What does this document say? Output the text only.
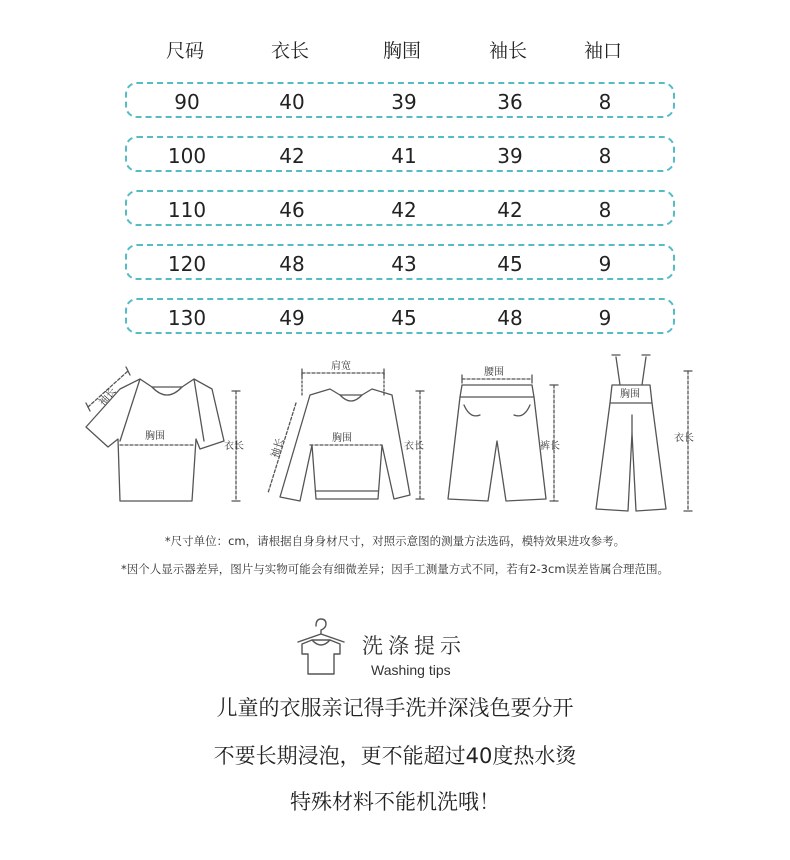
尺码	衣长	胸围	袖长	袖口
90	40	39	36	8
100	42	41	39	8
110	46	42	42	8
120	48	43	45	9
130	49	45	48	9
袖长
胸围
衣长
肩宽
袖长	胸围
衣长
腰围
裤长
胸围
衣长
*尺寸单位：cm，请根据自身身材尺寸，对照示意图的测量方法选码，模特效果进攻参考。
*因个人显示器差异，图片与实物可能会有细微差异；因手工测量方式不同，若有2-3cm误差皆属合理范围。
洗涤提示
Washing tips
儿童的衣服亲记得手洗并深浅色要分开
不要长期浸泡，更不能超过40度热水烫
特殊材料不能机洗哦！
